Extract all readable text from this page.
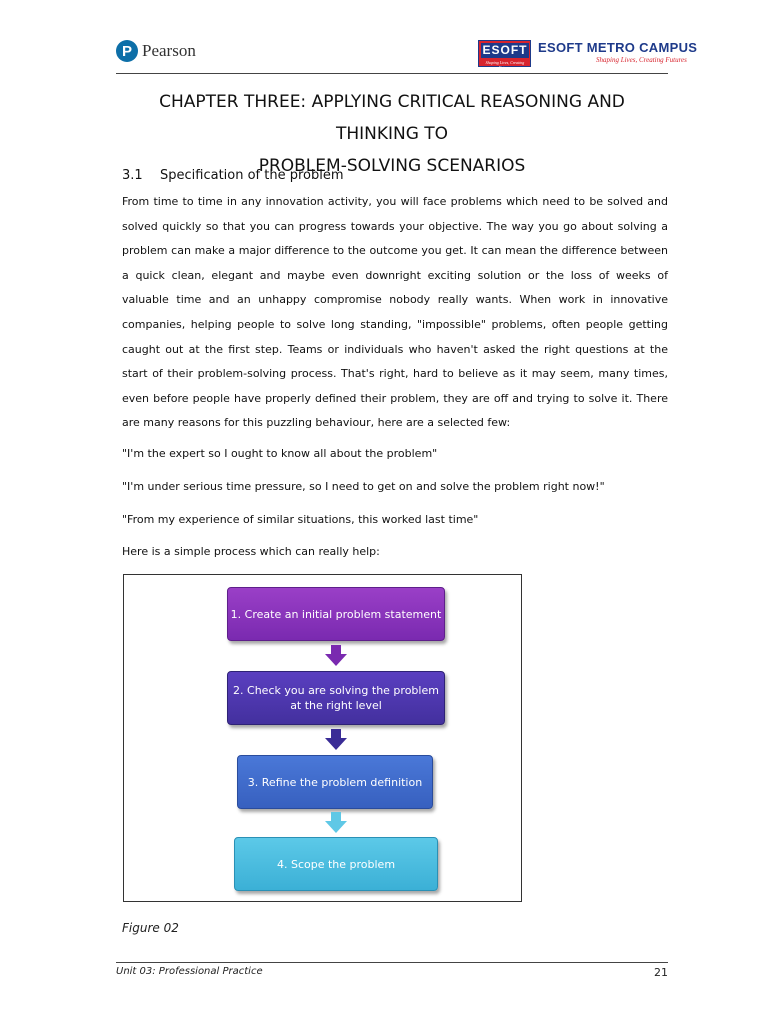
P Pearson	ESOFT
Shaping Lives, Creating Futures
ESOFT METRO CAMPUS
Shaping Lives, Creating Futures
CHAPTER THREE: APPLYING CRITICAL REASONING AND THINKING TO
PROBLEM-SOLVING SCENARIOS
3.1 Specification of the problem
From time to time in any innovation activity, you will face problems which need to be solved and solved quickly so that you can progress towards your objective. The way you go about solving a problem can make a major difference to the outcome you get. It can mean the difference between a quick clean, elegant and maybe even downright exciting solution or the loss of weeks of valuable time and an unhappy compromise nobody really wants. When work in innovative companies, helping people to solve long standing, "impossible" problems, often people getting caught out at the first step. Teams or individuals who haven't asked the right questions at the start of their problem-solving process. That's right, hard to believe as it may seem, many times, even before people have properly defined their problem, they are off and trying to solve it. There are many reasons for this puzzling behaviour, here are a selected few:
"I'm the expert so I ought to know all about the problem"
"I'm under serious time pressure, so I need to get on and solve the problem right now!"
"From my experience of similar situations, this worked last time"
Here is a simple process which can really help:
1. Create an initial problem statement
2. Check you are solving the problem at the right level
3. Refine the problem definition
4. Scope the problem
Figure 02
Unit 03: Professional Practice	21
